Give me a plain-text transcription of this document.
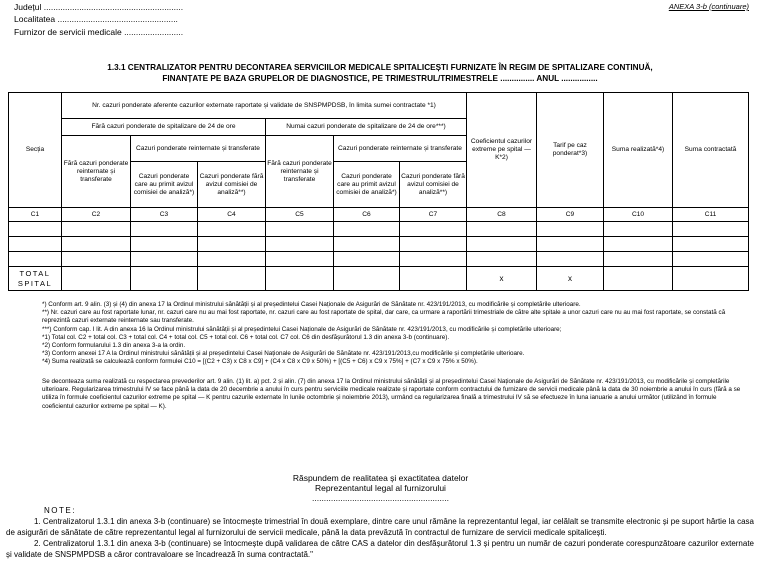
ANEXA 3-b (continuare)
Județul ...........................................................
Localitatea ...................................................
Furnizor de servicii medicale .........................
1.3.1 CENTRALIZATOR PENTRU DECONTAREA SERVICIILOR MEDICALE SPITALICEȘTI FURNIZATE ÎN REGIM DE SPITALIZARE CONTINUĂ,
FINANȚATE PE BAZA GRUPELOR DE DIAGNOSTICE, PE TRIMESTRUL/TRIMESTRELE ............... ANUL ................
Secția	Nr. cazuri ponderate aferente cazurilor externate raportate și validate de SNSPMPDSB, în limita sumei contractate *1)						Coeficientul cazurilor extreme pe spital — K*2)	Tarif pe caz ponderat*3)	Suma realizată*4)	Suma contractată
	Fără cazuri ponderate de spitalizare de 24 de ore			Numai cazuri ponderate de spitalizare de 24 de ore***)						
	Fără cazuri ponderate reinternate și transferate	Cazuri ponderate reinternate și transferate		Fără cazuri ponderate reinternate și transferate	Cazuri ponderate reinternate și transferate					
		Cazuri ponderate care au primit avizul comisiei de analiză*)	Cazuri ponderate fără avizul comisiei de analiză**)		Cazuri ponderate care au primit avizul comisiei de analiză*)	Cazuri ponderate fără avizul comisiei de analiză**)				
C1	C2	C3	C4	C5	C6	C7	C8	C9	C10	C11

TOTAL
SPITAL							x	x		

*) Conform art. 9 alin. (3) și (4) din anexa 17 la Ordinul ministrului sănătății și al președintelui Casei Naționale de Asigurări de Sănătate nr. 423/191/2013, cu modificările și completările ulterioare.

**) Nr. cazuri care au fost raportate lunar, nr. cazuri care nu au mai fost raportate, nr. cazuri care au fost raportate de spital, dar care, ca urmare a raportării trimestriale de către alte spitale a unor cazuri care nu au mai fost raportate, se constată că reprezintă cazuri externate reinternate sau transferate.

***) Conform cap. I lit. A din anexa 16 la Ordinul ministrului sănătății și al președintelui Casei Naționale de Asigurări de Sănătate nr. 423/191/2013, cu modificările și completările ulterioare;

*1) Total col. C2 + total col. C3 + total col. C4 + total col. C5 + total col. C6 + total col. C7 col. C6 din desfășurătorul 1.3 din anexa 3-b (continuare).

*2) Conform formularului 1.3 din anexa 3-a la ordin.

*3) Conform anexei 17 A la Ordinul ministrului sănătății și al președintelui Casei Naționale de Asigurări de Sănătate nr. 423/191/2013,cu modificările și completările ulterioare.

*4) Suma realizată se calculează conform formulei C10 = [(C2 + C3) x C8 x C9] + (C4 x C8 x C9 x 50%) + [(C5 + C6) x C9 x 75%] + (C7 x C9 x 75% x 50%).

Se deconteaza suma realizată cu respectarea prevederilor art. 9 alin. (1) lit. a) pct. 2 și alin. (7) din anexa 17 la Ordinul ministrului sănătății și al președintelui Casei Naționale de Asigurări de Sănătate nr. 423/191/2013, cu modificările și completările ulterioare. Regularizarea trimestrului IV se face până la data de 20 decembrie a anului în curs pentru serviciile medicale realizate și raportate conform contractului de furnizare de servicii medicale până la data de 30 noiembrie a anului în curs (fără a se utiliza în formule coeficientul cazurilor extreme pe spital — K pentru cazurile externate în lunile octombrie și noiembrie 2013), urmând ca regularizarea finală a trimestrului IV să se efectueze în luna ianuarie a anului următor (utilizând în formule coeficientul cazurilor extreme pe spital — K).
Răspundem de realitatea și exactitatea datelor
Reprezentantul legal al furnizorului
..........................................................

NOTE:

1. Centralizatorul 1.3.1 din anexa 3-b (continuare) se întocmește trimestrial în două exemplare, dintre care unul rămâne la reprezentantul legal, iar celălalt se transmite electronic și pe suport hârtie la casa de asigurări de sănătate de către reprezentantul legal al furnizorului de servicii medicale, până la data prevăzută în contractul de furnizare de servicii medicale spitalicești.

2. Centralizatorul 1.3.1 din anexa 3-b (continuare) se întocmește după validarea de către CAS a datelor din desfășurătorul 1.3 și pentru un număr de cazuri ponderate corespunzătoare cazurilor externate și validate de SNSPMPDSB a căror contravaloare se încadrează în suma contractată."
